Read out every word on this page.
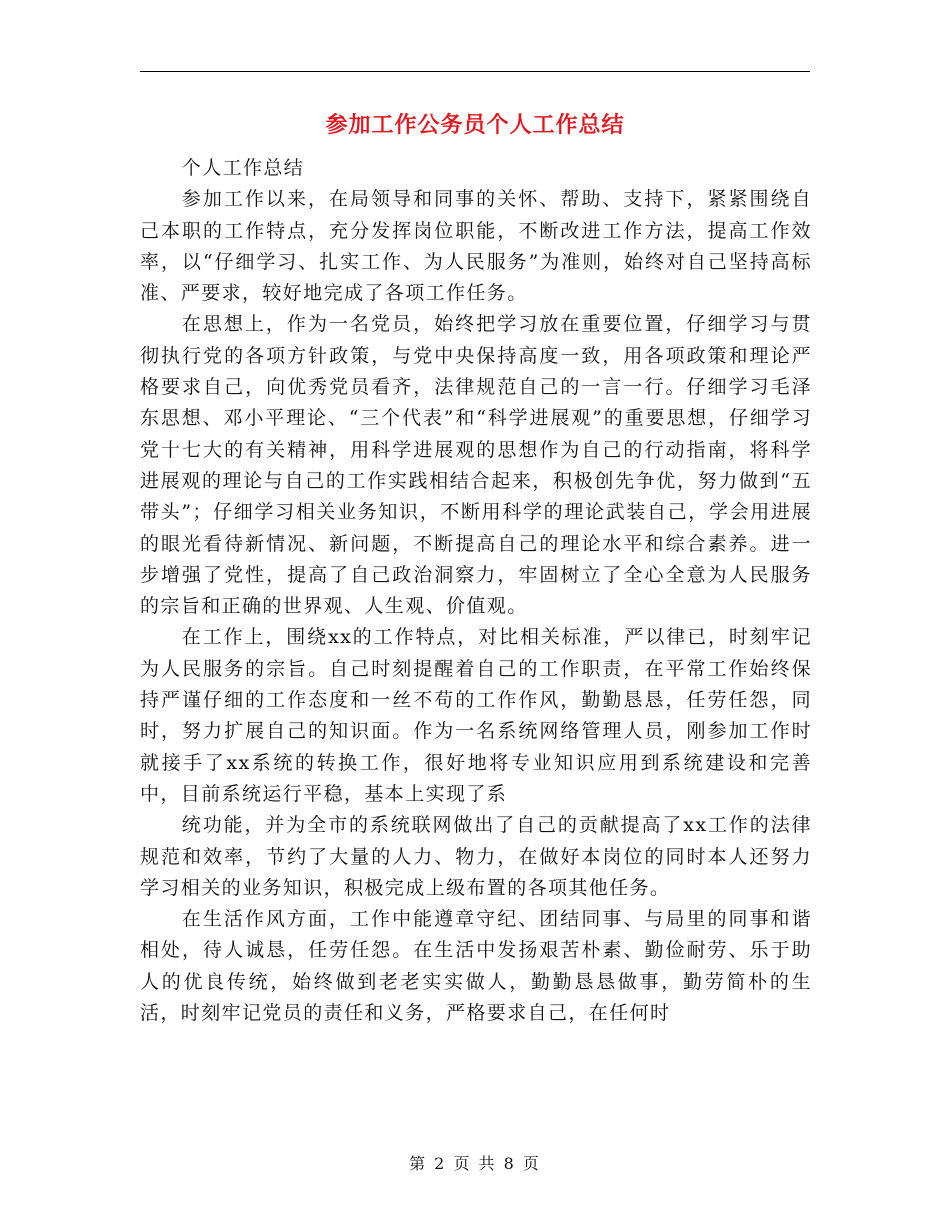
参加工作公务员个人工作总结

个人工作总结

参加工作以来，在局领导和同事的关怀、帮助、支持下，紧紧围绕自己本职的工作特点，充分发挥岗位职能，不断改进工作方法，提高工作效率，以“仔细学习、扎实工作、为人民服务”为准则，始终对自己坚持高标准、严要求，较好地完成了各项工作任务。

在思想上，作为一名党员，始终把学习放在重要位置，仔细学习与贯彻执行党的各项方针政策，与党中央保持高度一致，用各项政策和理论严格要求自己，向优秀党员看齐，法律规范自己的一言一行。仔细学习毛泽东思想、邓小平理论、“三个代表”和“科学进展观”的重要思想，仔细学习党十七大的有关精神，用科学进展观的思想作为自己的行动指南，将科学进展观的理论与自己的工作实践相结合起来，积极创先争优，努力做到“五带头”；仔细学习相关业务知识，不断用科学的理论武装自己，学会用进展的眼光看待新情况、新问题，不断提高自己的理论水平和综合素养。进一步增强了党性，提高了自己政治洞察力，牢固树立了全心全意为人民服务的宗旨和正确的世界观、人生观、价值观。

在工作上，围绕xx的工作特点，对比相关标准，严以律已，时刻牢记为人民服务的宗旨。自己时刻提醒着自己的工作职责，在平常工作始终保持严谨仔细的工作态度和一丝不苟的工作作风，勤勤恳恳，任劳任怨，同时，努力扩展自己的知识面。作为一名系统网络管理人员，刚参加工作时就接手了xx系统的转换工作，很好地将专业知识应用到系统建设和完善中，目前系统运行平稳，基本上实现了系

统功能，并为全市的系统联网做出了自己的贡献提高了xx工作的法律规范和效率，节约了大量的人力、物力，在做好本岗位的同时本人还努力学习相关的业务知识，积极完成上级布置的各项其他任务。

在生活作风方面，工作中能遵章守纪、团结同事、与局里的同事和谐相处，待人诚恳，任劳任怨。在生活中发扬艰苦朴素、勤俭耐劳、乐于助人的优良传统，始终做到老老实实做人，勤勤恳恳做事，勤劳简朴的生活，时刻牢记党员的责任和义务，严格要求自己，在任何时

第 2 页 共 8 页
